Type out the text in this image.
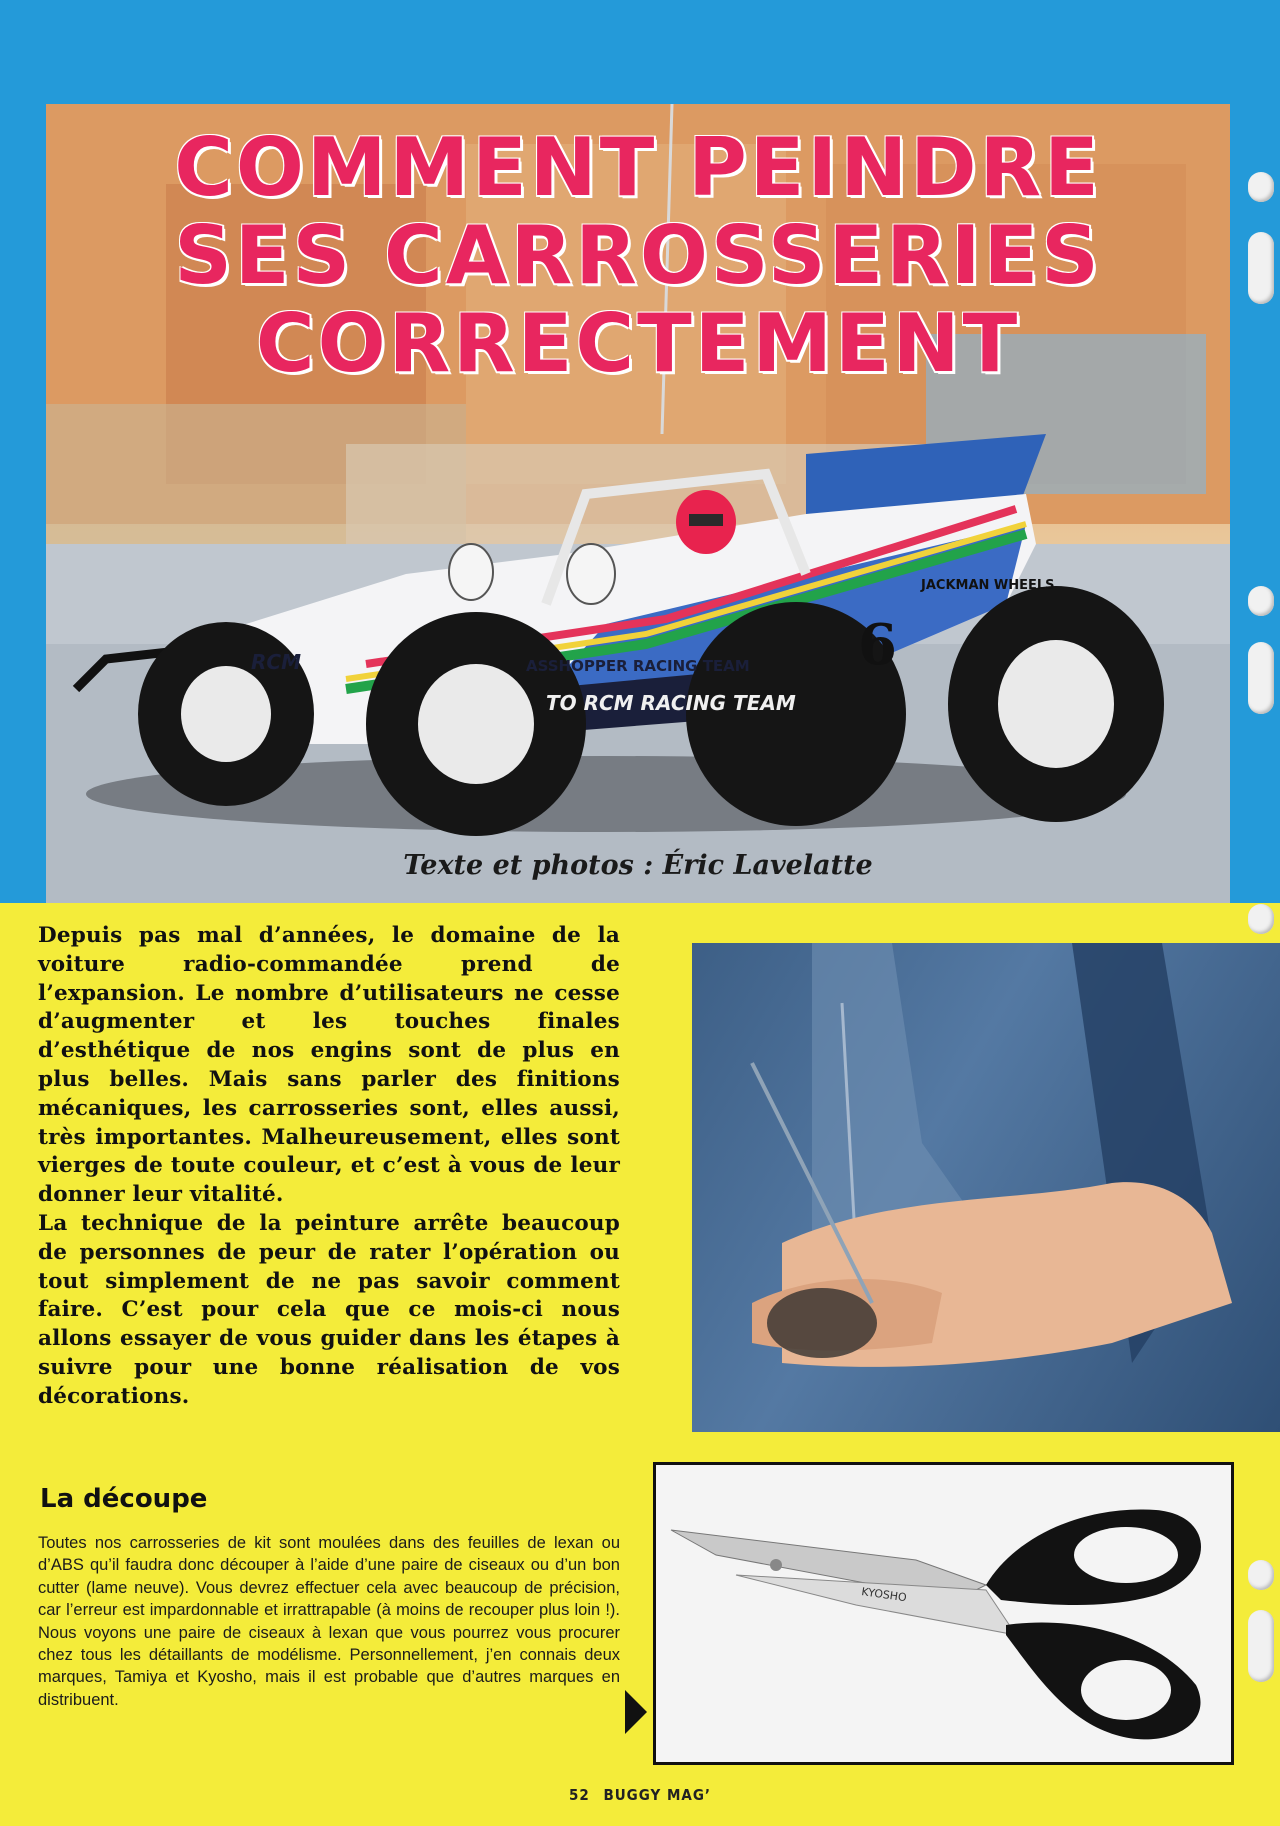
RCM	6
ASSHOPPER RACING TEAM
TO RCM RACING TEAM
JACKMAN WHEELS
COMMENT PEINDRE
SES CARROSSERIES
CORRECTEMENT
Texte et photos : Éric Lavelatte

Depuis pas mal d’années, le domaine de la voiture radio-commandée prend de l’expansion. Le nombre d’utilisateurs ne cesse d’augmenter et les touches finales d’esthétique de nos engins sont de plus en plus belles. Mais sans parler des finitions mécaniques, les carrosseries sont, elles aussi, très importantes. Malheureusement, elles sont vierges de toute couleur, et c’est à vous de leur donner leur vitalité.

La technique de la peinture arrête beaucoup de personnes de peur de rater l’opération ou tout simplement de ne pas savoir comment faire. C’est pour cela que ce mois-ci nous allons essayer de vous guider dans les étapes à suivre pour une bonne réalisation de vos décorations.

La découpe

Toutes nos carrosseries de kit sont moulées dans des feuilles de lexan ou d’ABS qu’il faudra donc découper à l’aide d’une paire de ciseaux ou d’un bon cutter (lame neuve). Vous devrez effectuer cela avec beaucoup de précision, car l’erreur est impardonnable et irrattrapable (à moins de recouper plus loin !). Nous voyons une paire de ciseaux à lexan que vous pourrez vous procurer chez tous les détaillants de modélisme. Personnellement, j’en connais deux marques, Tamiya et Kyosho, mais il est probable que d’autres marques en distribuent.

KYOSHO
52 BUGGY MAG’
